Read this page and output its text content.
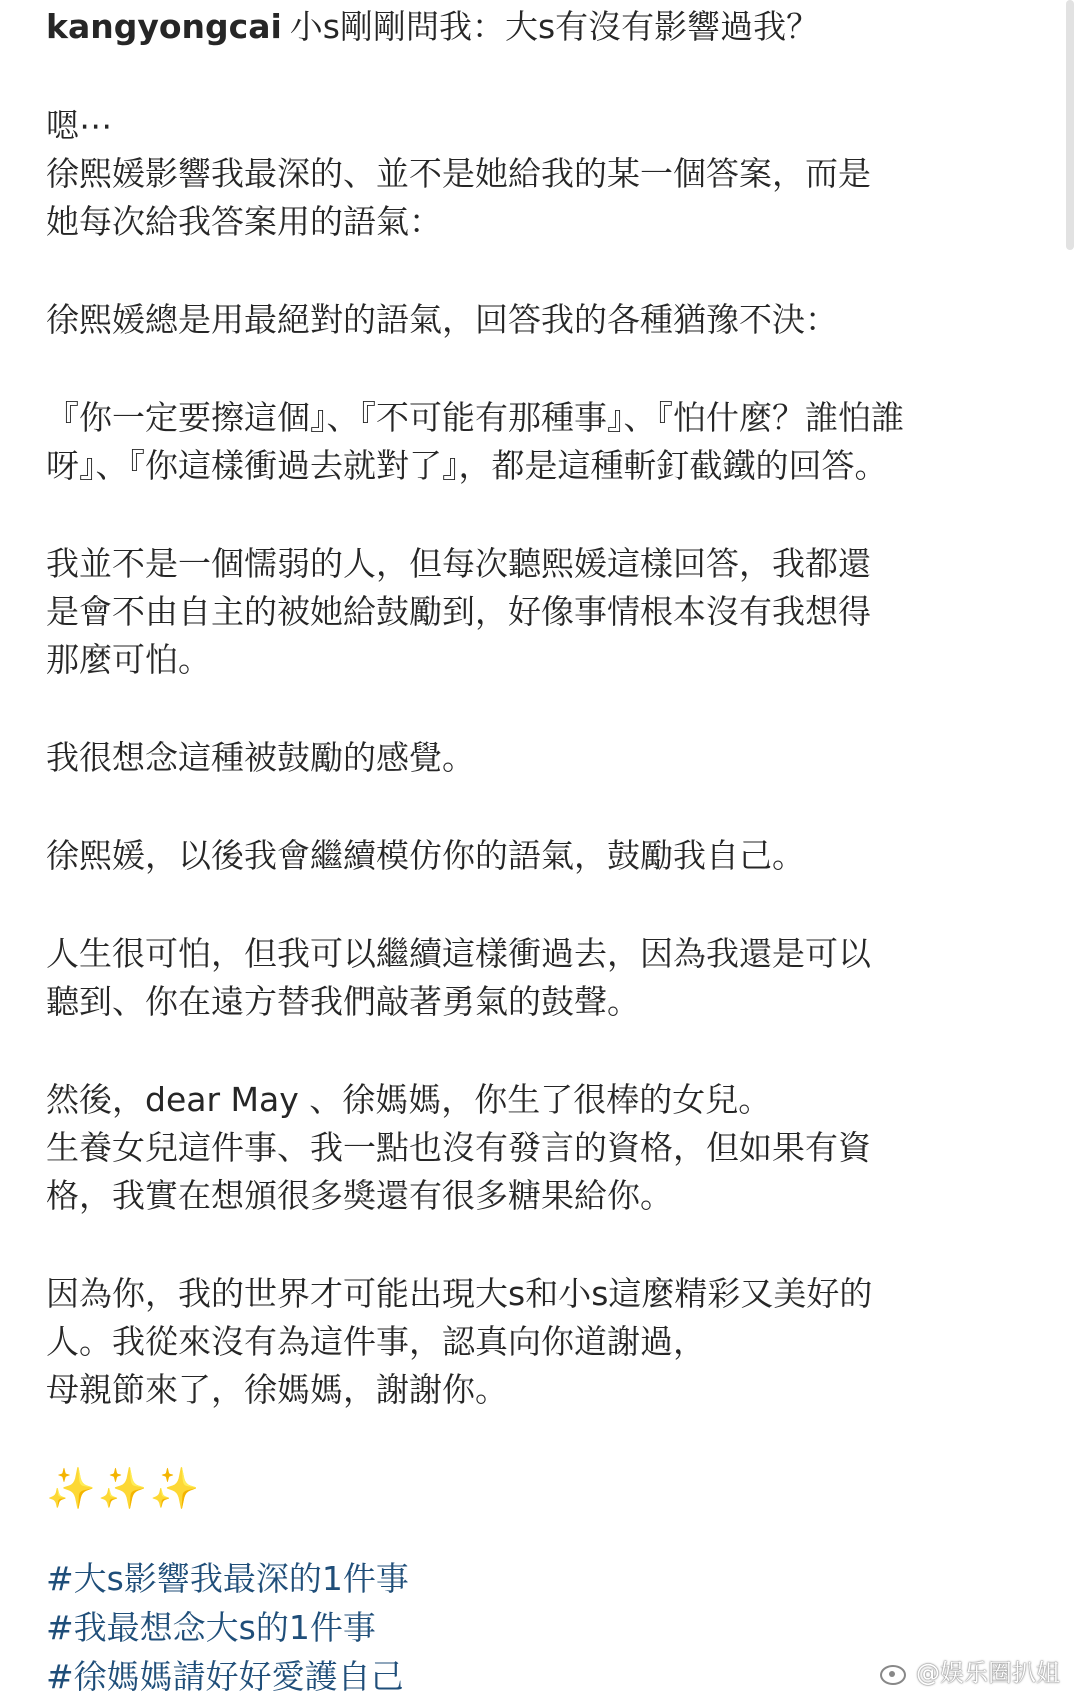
kangyongcai 小s剛剛問我：大s有沒有影響過我？

嗯⋯
徐熙媛影響我最深的、並不是她給我的某一個答案，而是
她每次給我答案用的語氣：

徐熙媛總是用最絕對的語氣，回答我的各種猶豫不決：

『你一定要擦這個』、『不可能有那種事』、『怕什麼？誰怕誰
呀』、『你這樣衝過去就對了』，都是這種斬釘截鐵的回答。

我並不是一個懦弱的人，但每次聽熙媛這樣回答，我都還
是會不由自主的被她給鼓勵到，好像事情根本沒有我想得
那麼可怕。

我很想念這種被鼓勵的感覺。

徐熙媛，以後我會繼續模仿你的語氣，鼓勵我自己。

人生很可怕，但我可以繼續這樣衝過去，因為我還是可以
聽到、你在遠方替我們敲著勇氣的鼓聲。

然後，dear May 、徐媽媽，你生了很棒的女兒。
生養女兒這件事、我一點也沒有發言的資格，但如果有資
格，我實在想頒很多獎還有很多糖果給你。

因為你，我的世界才可能出現大s和小s這麼精彩又美好的
人。我從來沒有為這件事，認真向你道謝過，
母親節來了，徐媽媽，謝謝你。

✨✨✨
#大s影響我最深的1件事
#我最想念大s的1件事
#徐媽媽請好好愛護自己	@娱乐圈扒姐
